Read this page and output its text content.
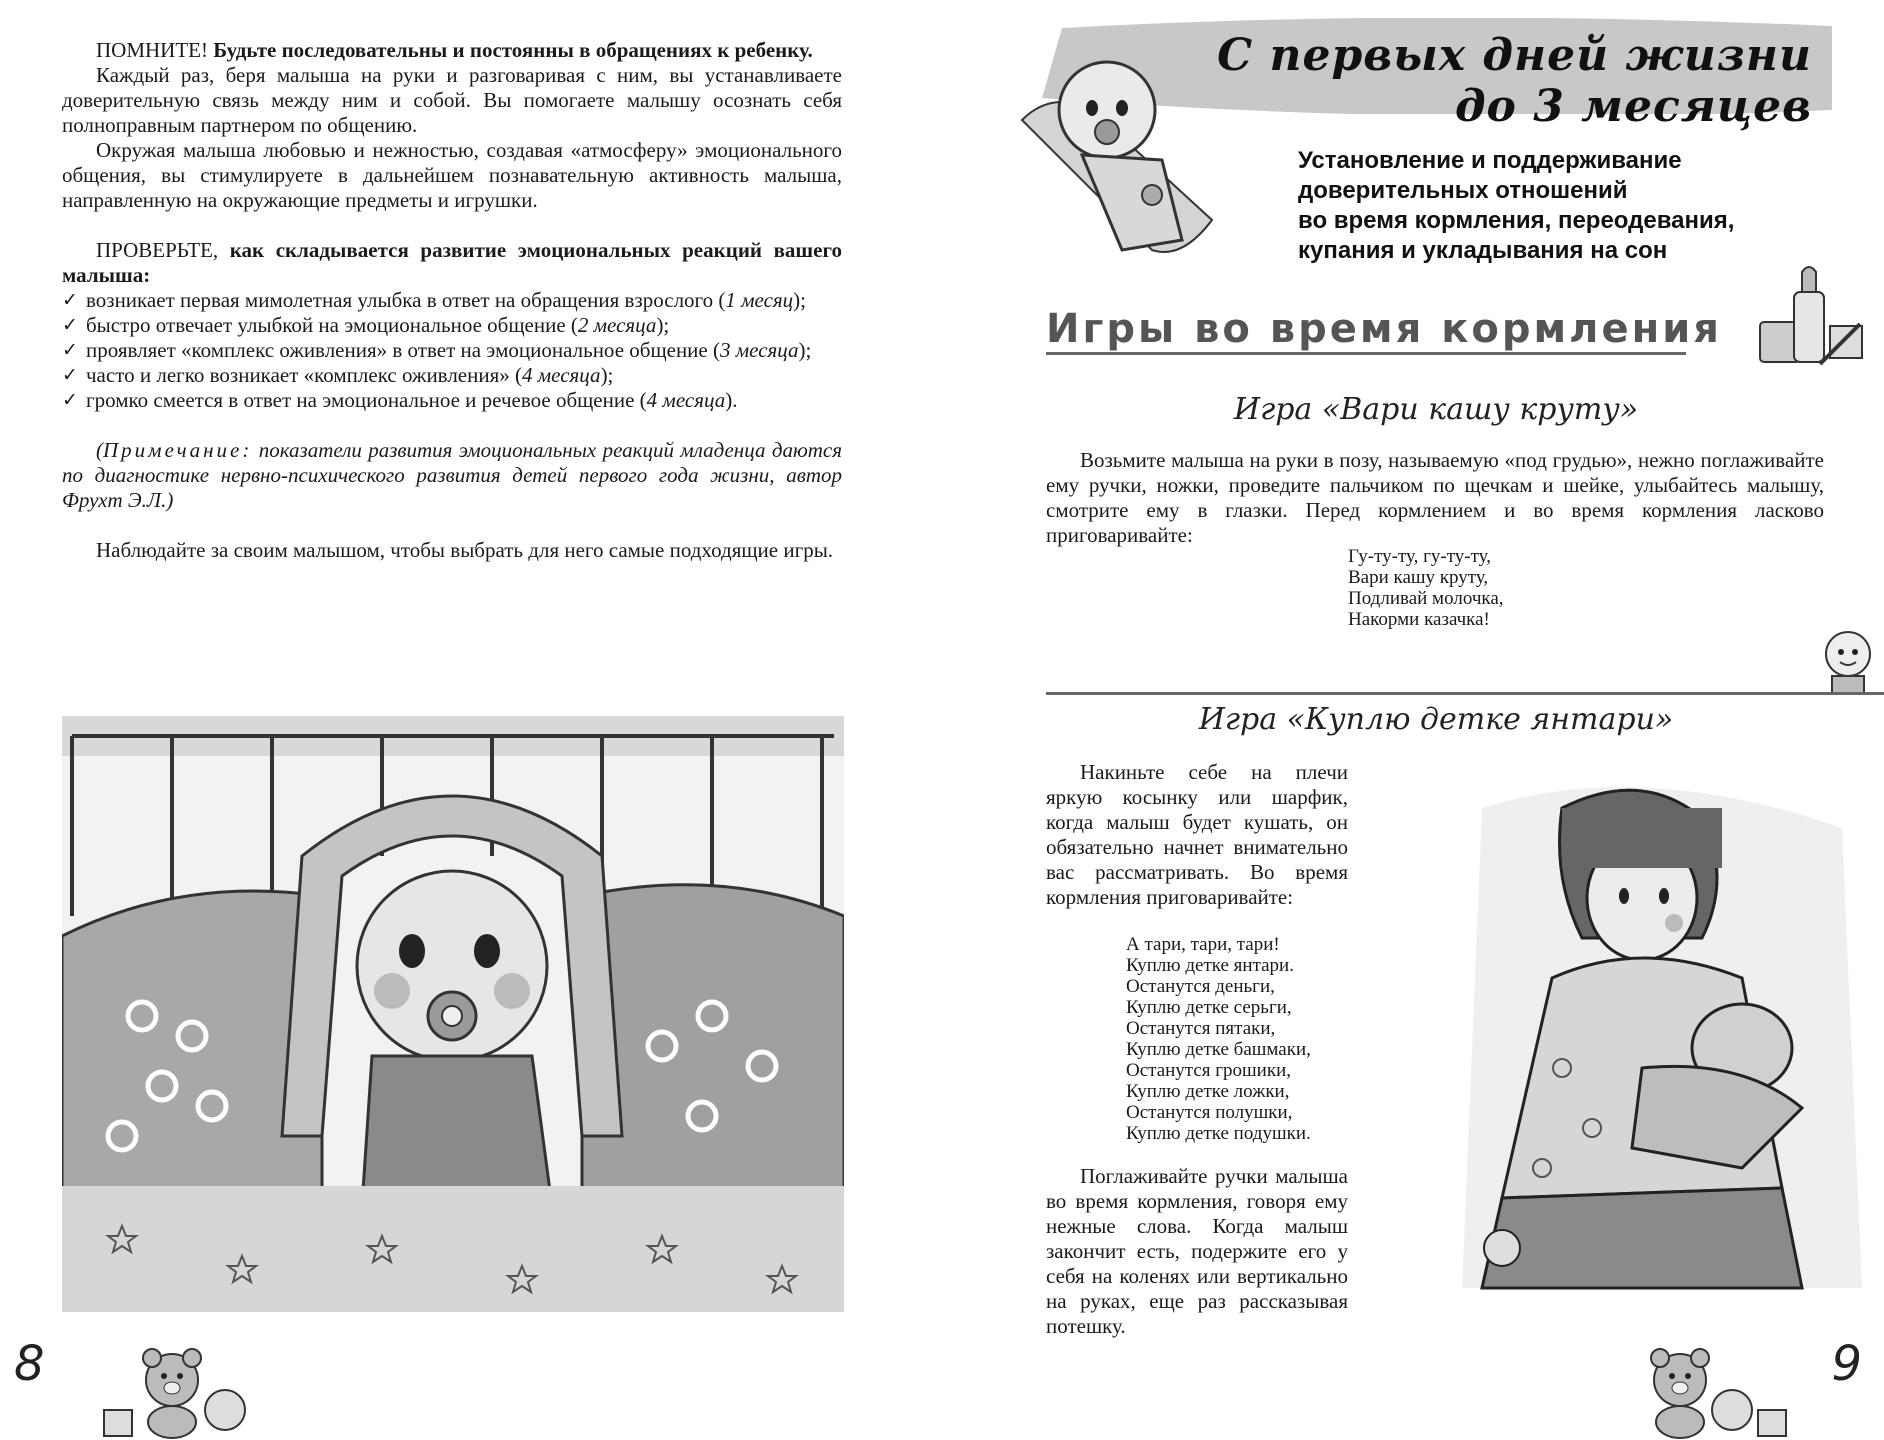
ПОМНИТЕ! Будьте последовательны и постоянны в обращениях к ребенку.

Каждый раз, беря малыша на руки и разговаривая с ним, вы устанавливаете доверительную связь между ним и собой. Вы помогаете малышу осознать себя полноправным партнером по общению.

Окружая малыша любовью и нежностью, создавая «атмосферу» эмоционального общения, вы стимулируете в дальнейшем познавательную активность малыша, направленную на окружающие предметы и игрушки.

ПРОВЕРЬТЕ, как складывается развитие эмоциональных реакций вашего малыша:

✓ возникает первая мимолетная улыбка в ответ на обращения взрослого (1 месяц);
✓ быстро отвечает улыбкой на эмоциональное общение (2 месяца);
✓ проявляет «комплекс оживления» в ответ на эмоциональное общение (3 месяца);
✓ часто и легко возникает «комплекс оживления» (4 месяца);
✓ громко смеется в ответ на эмоциональное и речевое общение (4 месяца).

(Примечание: показатели развития эмоциональных реакций младенца даются по диагностике нервно-психического развития детей первого года жизни, автор Фрухт Э.Л.)

Наблюдайте за своим малышом, чтобы выбрать для него самые подходящие игры.

8
С первых дней жизни до 3 месяцев
Установление и поддерживание
доверительных отношений
во время кормления, переодевания,
купания и укладывания на сон
Игры во время кормления
Игра «Вари кашу круту»

Возьмите малыша на руки в позу, называемую «под грудью», нежно поглаживайте ему ручки, ножки, проведите пальчиком по щечкам и шейке, улыбайтесь малышу, смотрите ему в глазки. Перед кормлением и во время кормления ласково приговаривайте:

Гу-ту-ту, гу-ту-ту,

Вари кашу круту,

Подливай молочка,

Накорми казачка!

Игра «Куплю детке янтари»

Накиньте себе на плечи яркую косынку или шарфик, когда малыш будет кушать, он обязательно начнет внимательно вас рассматривать. Во время кормления приговаривайте:

А тари, тари, тари!

Куплю детке янтари.

Останутся деньги,

Куплю детке серьги,

Останутся пятаки,

Куплю детке башмаки,

Останутся грошики,

Куплю детке ложки,

Останутся полушки,

Куплю детке подушки.

Поглаживайте ручки малыша во время кормления, говоря ему нежные слова. Когда малыш закончит есть, подержите его у себя на коленях или вертикально на руках, еще раз рассказывая потешку.

9
